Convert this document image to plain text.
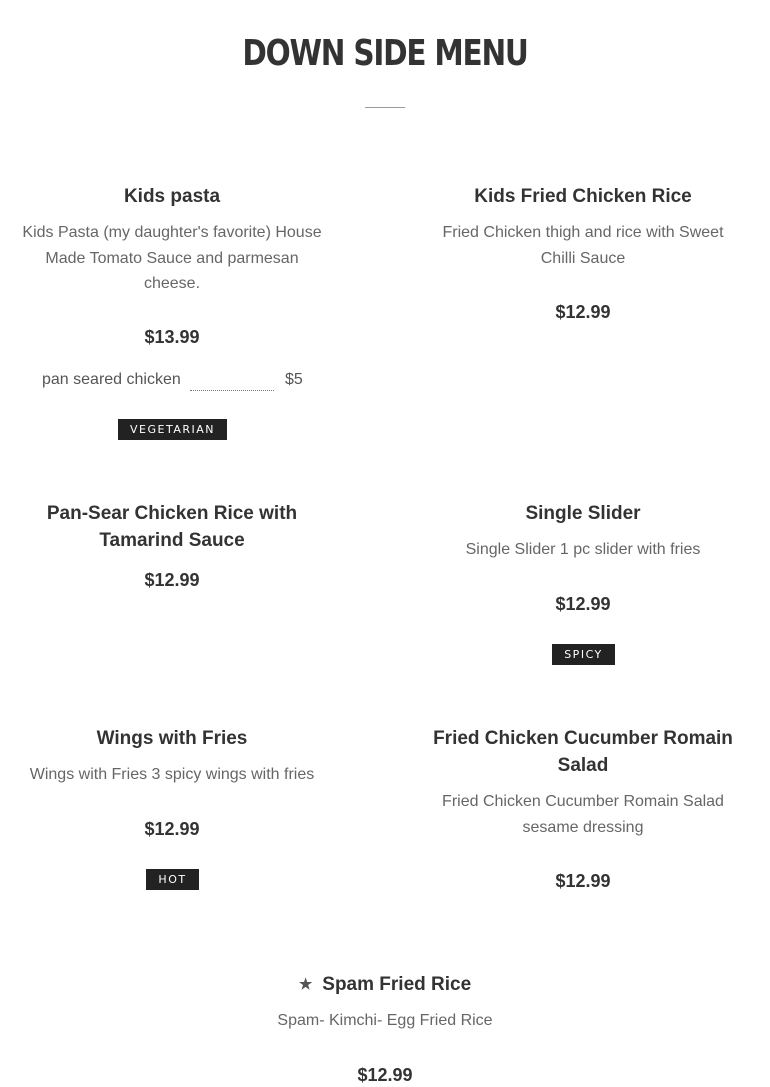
DOWN SIDE MENU

Kids pasta

Kids Pasta (my daughter's favorite) House Made Tomato Sauce and parmesan cheese.

$13.99

pan seared chicken	$5
VEGETARIAN

Kids Fried Chicken Rice

Fried Chicken thigh and rice with Sweet Chilli Sauce

$12.99

Pan-Sear Chicken Rice with Tamarind Sauce

$12.99

Single Slider

Single Slider 1 pc slider with fries

$12.99

SPICY

Wings with Fries

Wings with Fries 3 spicy wings with fries

$12.99

HOT

Fried Chicken Cucumber Romain Salad

Fried Chicken Cucumber Romain Salad sesame dressing

$12.99

★ Spam Fried Rice

Spam- Kimchi- Egg Fried Rice

$12.99
